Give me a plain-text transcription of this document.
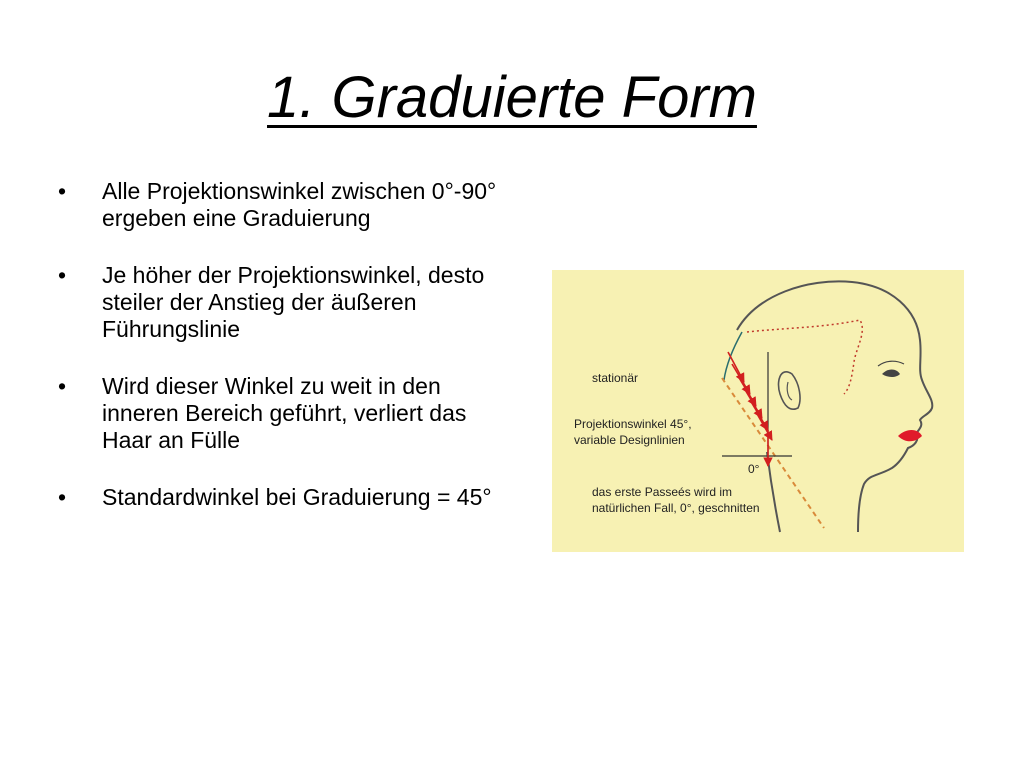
1. Graduierte Form
•	Alle Projektionswinkel zwischen 0°-90° ergeben eine Graduierung
•	Je höher der Projektionswinkel, desto steiler der Anstieg der äußeren Führungslinie
•	Wird dieser Winkel zu weit in den inneren Bereich geführt, verliert das Haar an Fülle
•	Standardwinkel bei Graduierung = 45°
stationär
Projektionswinkel 45°,
variable Designlinien
0°
das erste Passeés wird im
natürlichen Fall, 0°, geschnitten
